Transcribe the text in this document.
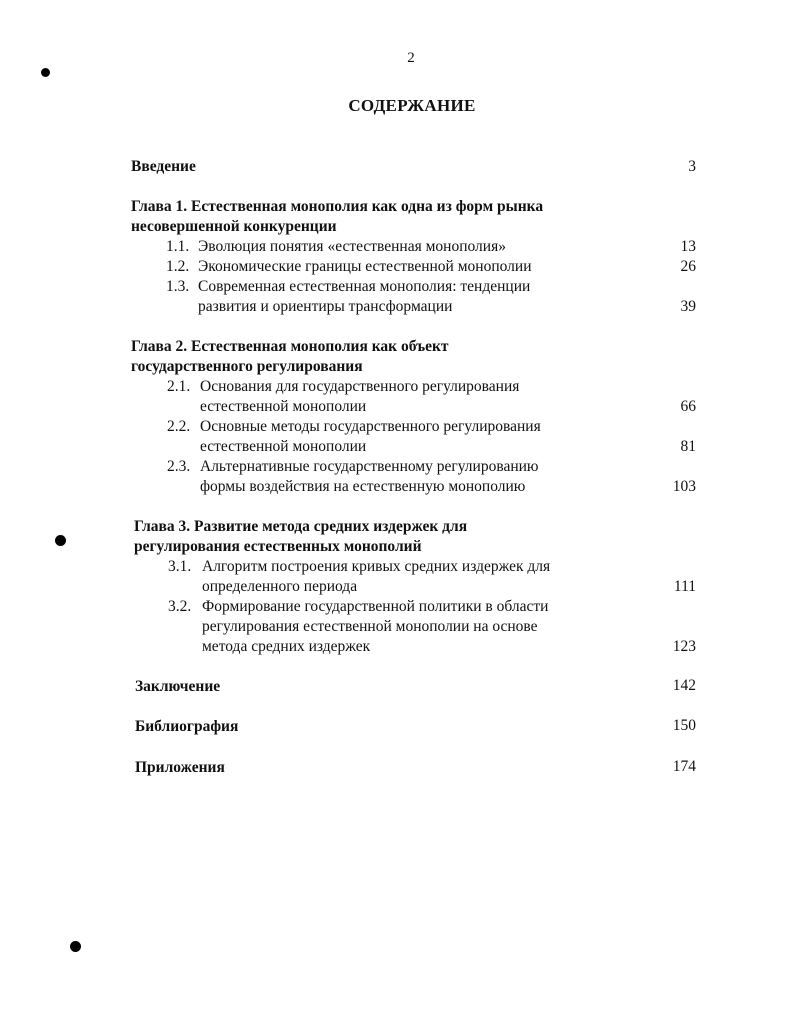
2
СОДЕРЖАНИЕ
Введение	3
Глава 1. Естественная монополия как одна из форм рынка
несовершенной конкуренции
1.1. Эволюция понятия «естественная монополия»	13
1.2. Экономические границы естественной монополии	26
1.3. Современная естественная монополия: тенденции
развития и ориентиры трансформации	39
Глава 2. Естественная монополия как объект
государственного регулирования
2.1. Основания для государственного регулирования
естественной монополии	66
2.2. Основные методы государственного регулирования
естественной монополии	81
2.3. Альтернативные государственному регулированию
формы воздействия на естественную монополию	103
Глава 3. Развитие метода средних издержек для
регулирования естественных монополий
3.1. Алгоритм построения кривых средних издержек для
определенного периода	111
3.2. Формирование государственной политики в области
регулирования естественной монополии на основе
метода средних издержек	123
Заключение	142
Библиография	150
Приложения	174
